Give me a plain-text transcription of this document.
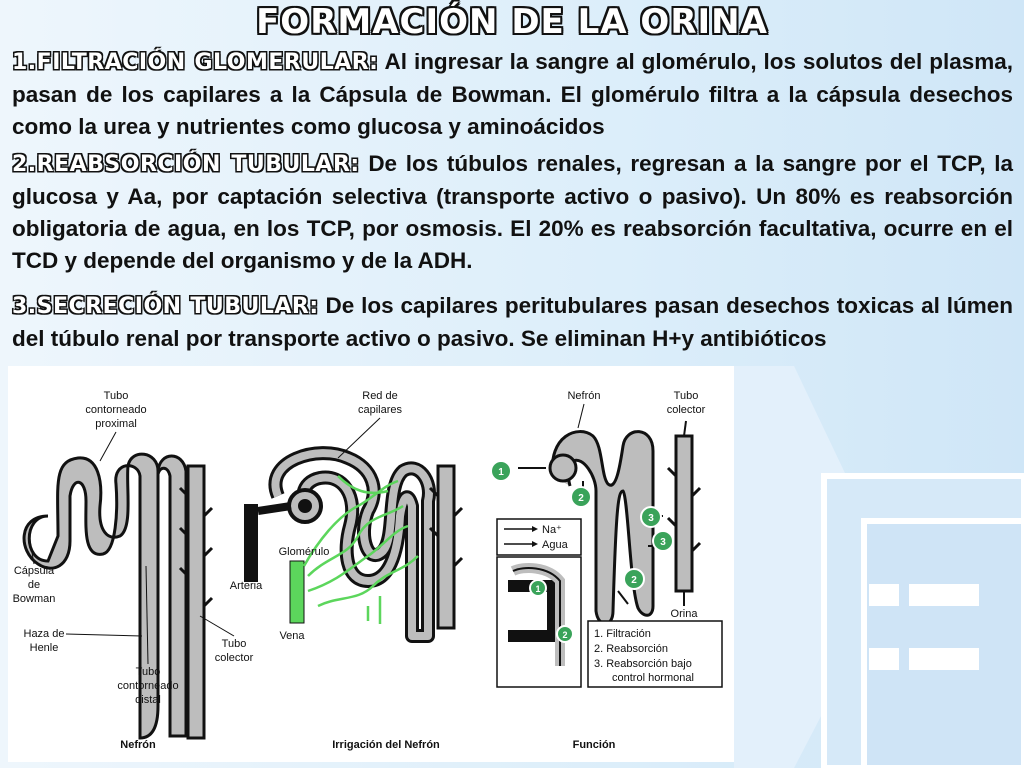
FORMACIÓN DE LA ORINA

1.FILTRACIÓN GLOMERULAR: Al ingresar la sangre al glomérulo, los solutos del plasma, pasan de los capilares a la Cápsula de Bowman. El glomérulo filtra a la cápsula desechos como la urea y nutrientes como glucosa y aminoácidos

2.REABSORCIÓN TUBULAR: De los túbulos renales, regresan a la sangre por el TCP, la glucosa y Aa, por captación selectiva (transporte activo o pasivo). Un 80% es reabsorción obligatoria de agua, en los TCP, por osmosis. El 20% es reabsorción facultativa, ocurre en el TCD y depende del organismo y de la ADH.

3.SECRECIÓN TUBULAR: De los capilares peritubulares pasan desechos toxicas al lúmen del túbulo renal por transporte activo o pasivo. Se eliminan H+y antibióticos

Tubo
contorneado
proximal
Cápsula
de
Bowman
Haza de
Henle
Tubo
contorneado
distal
Tubo
colector
Nefrón
Red de
capilares
Glomérulo
Arteria
Vena
Irrigación del Nefrón
1
2
3
3
2
Nefrón	Tubo
colector
Orina
Na⁺
Agua
1
2 1. Filtración
2. Reabsorción
3. Reabsorción bajo
control hormonal
Función
